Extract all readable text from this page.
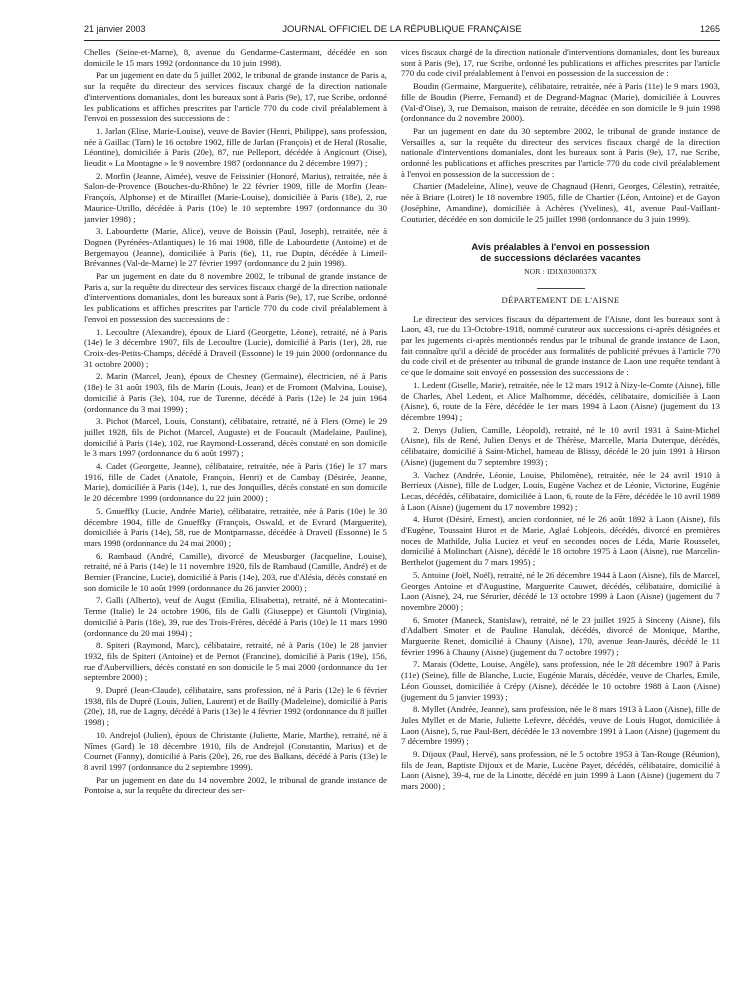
21 janvier 2003	JOURNAL OFFICIEL DE LA RÉPUBLIQUE FRANÇAISE	1265

Chelles (Seine-et-Marne), 8, avenue du Gendarme-Castermant, décédée en son domicile le 15 mars 1992 (ordonnance du 10 juin 1998).

Par un jugement en date du 5 juillet 2002, le tribunal de grande instance de Paris a, sur la requête du directeur des services fiscaux chargé de la direction nationale d'interventions domaniales, dont les bureaux sont à Paris (9e), 17, rue Scribe, ordonné les publications et affiches prescrites par l'article 770 du code civil préalablement à l'envoi en possession des successions de :

1. Jarlan (Elise, Marie-Louise), veuve de Bavier (Henri, Philippe), sans profession, née à Gaillac (Tarn) le 16 octobre 1902, fille de Jarlan (François) et de Heral (Rosalie, Léontine), domiciliée à Paris (20e), 87, rue Pelleport, décédée à Angicourt (Oise), lieudit « La Montagne » le 9 novembre 1987 (ordonnance du 2 décembre 1997) ;

2. Morfin (Jeanne, Aimée), veuve de Feissinier (Honoré, Marius), retraitée, née à Salon-de-Provence (Bouches-du-Rhône) le 22 février 1909, fille de Morfin (Jean-François, Alphonse) et de Miraillet (Marie-Louise), domiciliée à Paris (18e), 2, rue Maurice-Utrillo, décédée à Paris (10e) le 10 septembre 1997 (ordonnance du 30 janvier 1998) ;

3. Labourdette (Marie, Alice), veuve de Boissin (Paul, Joseph), retraitée, née à Dognen (Pyrénées-Atlantiques) le 16 mai 1908, fille de Labourdette (Antoine) et de Bergemayou (Jeanne), domiciliée à Paris (6e), 11, rue Dupin, décédée à Limeil-Brévannes (Val-de-Marne) le 27 février 1997 (ordonnance du 2 juin 1998).

Par un jugement en date du 8 novembre 2002, le tribunal de grande instance de Paris a, sur la requête du directeur des services fiscaux chargé de la direction nationale d'interventions domaniales, dont les bureaux sont à Paris (9e), 17, rue Scribe, ordonné les publications et affiches prescrites par l'article 770 du code civil préalablement à l'envoi en possession des successions de :

1. Lecoultre (Alexandre), époux de Liard (Georgette, Léone), retraité, né à Paris (14e) le 3 décembre 1907, fils de Lecoultre (Lucie), domicilié à Paris (1er), 28, rue Croix-des-Petits-Champs, décédé à Draveil (Essonne) le 19 juin 2000 (ordonnance du 31 octobre 2000) ;

2. Marin (Marcel, Jean), époux de Chesney (Germaine), électricien, né à Paris (18e) le 31 août 1903, fils de Marin (Louis, Jean) et de Fromont (Malvina, Louise), domicilié à Paris (3e), 104, rue de Turenne, décédé à Paris (12e) le 24 juin 1964 (ordonnance du 3 mai 1999) ;

3. Pichot (Marcel, Louis, Constant), célibataire, retraité, né à Flers (Orne) le 29 juillet 1928, fils de Pichot (Marcel, Auguste) et de Foucault (Madelaine, Pauline), domicilié à Paris (14e), 102, rue Raymond-Losserand, décès constaté en son domicile le 3 mars 1997 (ordonnance du 6 août 1997) ;

4. Cadet (Georgette, Jeanne), célibataire, retraitée, née à Paris (16e) le 17 mars 1916, fille de Cadet (Anatole, François, Henri) et de Cambay (Désirée, Jeanne, Marie), domiciliée à Paris (14e), 1, rue des Jonquilles, décès constaté en son domicile le 20 décembre 1999 (ordonnance du 22 juin 2000) ;

5. Gnueffky (Lucie, Andrée Marie), célibataire, retraitée, née à Paris (10e) le 30 décembre 1904, fille de Gnueffky (François, Oswald, et de Evrard (Marguerite), domiciliée à Paris (14e), 58, rue de Montparnasse, décédée à Draveil (Essonne) le 5 mars 1998 (ordonnance du 24 mai 2000) ;

6. Rambaud (André, Camille), divorcé de Meusburger (Jacqueline, Louise), retraité, né à Paris (14e) le 11 novembre 1920, fils de Rambaud (Camille, André) et de Bernier (Francine, Lucie), domicilié à Paris (14e), 203, rue d'Alésia, décès constaté en son domicile le 10 août 1999 (ordonnance du 26 janvier 2000) ;

7. Galli (Alberto), veuf de Augst (Emilia, Elisabetta), retraité, né à Montecatini-Terme (Italie) le 24 octobre 1906, fils de Galli (Giuseppe) et Giuntoli (Virginia), domicilié à Paris (18e), 39, rue des Trois-Frères, décédé à Paris (10e) le 11 mars 1990 (ordonnance du 20 mai 1994) ;

8. Spiteri (Raymond, Marc), célibataire, retraité, né à Paris (10e) le 28 janvier 1932, fils de Spiteri (Antoine) et de Pernot (Francine), domicilié à Paris (19e), 156, rue d'Aubervilliers, décès constaté en son domicile le 5 mai 2000 (ordonnance du 1er septembre 2000) ;

9. Dupré (Jean-Claude), célibataire, sans profession, né à Paris (12e) le 6 février 1938, fils de Dupré (Louis, Julien, Laurent) et de Bailly (Madeleine), domicilié à Paris (20e), 18, rue de Lagny, décédé à Paris (13e) le 4 février 1992 (ordonnance du 8 juillet 1998) ;

10. Andrejol (Julien), époux de Christante (Juliette, Marie, Marthe), retraité, né à Nîmes (Gard) le 18 décembre 1910, fils de Andrejol (Constantin, Marius) et de Cournet (Fanny), domicilié à Paris (20e), 26, rue des Balkans, décédé à Paris (13e) le 8 avril 1997 (ordonnance du 2 septembre 1999).

Par un jugement en date du 14 novembre 2002, le tribunal de grande instance de Pontoise a, sur la requête du directeur des ser-

vices fiscaux chargé de la direction nationale d'interventions domaniales, dont les bureaux sont à Paris (9e), 17, rue Scribe, ordonné les publications et affiches prescrites par l'article 770 du code civil préalablement à l'envoi en possession de la succession de :

Boudin (Germaine, Marguerite), célibataire, retraitée, née à Paris (11e) le 9 mars 1903, fille de Boudin (Pierre, Fernand) et de Degrand-Magnac (Marie), domiciliée à Louvres (Val-d'Oise), 3, rue Demaison, maison de retraite, décédée en son domicile le 9 juin 1998 (ordonnance du 2 novembre 2000).

Par un jugement en date du 30 septembre 2002, le tribunal de grande instance de Versailles a, sur la requête du directeur des services fiscaux chargé de la direction nationale d'interventions domaniales, dont les bureaux sont à Paris (9e), 17, rue Scribe, ordonné les publications et affiches prescrites par l'article 770 du code civil préalablement à l'envoi en possession de la succession de :

Chartier (Madeleine, Aline), veuve de Chagnaud (Henri, Georges, Célestin), retraitée, née à Briare (Loiret) le 18 novembre 1905, fille de Chartier (Léon, Antoine) et de Gayon (Joséphine, Amandine), domiciliée à Achères (Yvelines), 41, avenue Paul-Vaillant-Couturier, décédée en son domicile le 25 juillet 1998 (ordonnance du 3 juin 1999).

Avis préalables à l'envoi en possession
de successions déclarées vacantes
NOR : IDIX0300037X
DÉPARTEMENT DE L'AISNE

Le directeur des services fiscaux du département de l'Aisne, dont les bureaux sont à Laon, 43, rue du 13-Octobre-1918, nommé curateur aux successions ci-après désignées et par les jugements ci-après mentionnés rendus par le tribunal de grande instance de Laon, fait connaître qu'il a décidé de procéder aux formalités de publicité prévues à l'article 770 du code civil et de présenter au tribunal de grande instance de Laon une requête tendant à ce que le domaine soit envoyé en possession des successions de :

1. Ledent (Giselle, Marie), retraitée, née le 12 mars 1912 à Nizy-le-Comte (Aisne), fille de Charles, Abel Ledent, et Alice Malhomme, décédés, célibataire, domiciliée à Laon (Aisne), 6, route de la Fère, décédée le 1er mars 1994 à Laon (Aisne) (jugement du 13 décembre 1994) ;

2. Denys (Julien, Camille, Léopold), retraité, né le 10 avril 1931 à Saint-Michel (Aisne), fils de René, Julien Denys et de Thérèse, Marcelle, Maria Duterque, décédés, célibataire, domicilié à Saint-Michel, hameau de Blissy, décédé le 20 juin 1991 à Hirson (Aisne) (jugement du 7 septembre 1993) ;

3. Vachez (Andrée, Léonie, Louise, Philomène), retraitée, née le 24 avril 1910 à Berrieux (Aisne), fille de Ludger, Louis, Eugène Vachez et de Léonie, Victorine, Eugénie Lecas, décédés, célibataire, domiciliée à Laon, 6, route de la Fère, décédée le 10 avril 1989 à Laon (Aisne) (jugement du 17 novembre 1992) ;

4. Hurot (Désiré, Ernest), ancien cordonnier, né le 26 août 1892 à Laon (Aisne), fils d'Eugène, Toussaint Hurot et de Marie, Aglaé Lobjeois, décédés, divorcé en premières noces de Mathilde, Julia Luciez et veuf en secondes noces de Léda, Marie Rousselet, domicilié à Molinchart (Aisne), décédé le 18 octobre 1975 à Laon (Aisne), rue Marcelin-Berthelot (jugement du 7 mars 1995) ;

5. Antoine (Joël, Noël), retraité, né le 26 décembre 1944 à Laon (Aisne), fils de Marcel, Georges Antoine et d'Augustine, Marguerite Cauwet, décédés, célibataire, domicilié à Laon (Aisne), 24, rue Sérurier, décédé le 13 octobre 1999 à Laon (Aisne) (jugement du 7 novembre 2000) ;

6. Smoter (Maneck, Stanislaw), retraité, né le 23 juillet 1925 à Sinceny (Aisne), fils d'Adalbert Smoter et de Pauline Hanulak, décédés, divorcé de Monique, Marthe, Marguerite Renet, domicilié à Chauny (Aisne), 170, avenue Jean-Jaurès, décédé le 11 février 1996 à Chauny (Aisne) (jugement du 7 octobre 1997) ;

7. Marais (Odette, Louise, Angèle), sans profession, née le 28 décembre 1907 à Paris (11e) (Seine), fille de Blanche, Lucie, Eugénie Marais, décédée, veuve de Charles, Emile, Léon Gousset, domiciliée à Crépy (Aisne), décédée le 10 octobre 1988 à Laon (Aisne) (jugement du 5 janvier 1993) ;

8. Myllet (Andrée, Jeanne), sans profession, née le 8 mars 1913 à Laon (Aisne), fille de Jules Myllet et de Marie, Juliette Lefevre, décédés, veuve de Louis Hugot, domiciliée à Laon (Aisne), 5, rue Paul-Bert, décédée le 13 novembre 1991 à Laon (Aisne) (jugement du 7 décembre 1999) ;

9. Dijoux (Paul, Hervé), sans profession, né le 5 octobre 1953 à Tan-Rouge (Réunion), fils de Jean, Baptiste Dijoux et de Marie, Lucène Payet, décédés, célibataire, domicilié à Laon (Aisne), 39-4, rue de la Linotte, décédé en juin 1999 à Laon (Aisne) (jugement du 7 mars 2000) ;
